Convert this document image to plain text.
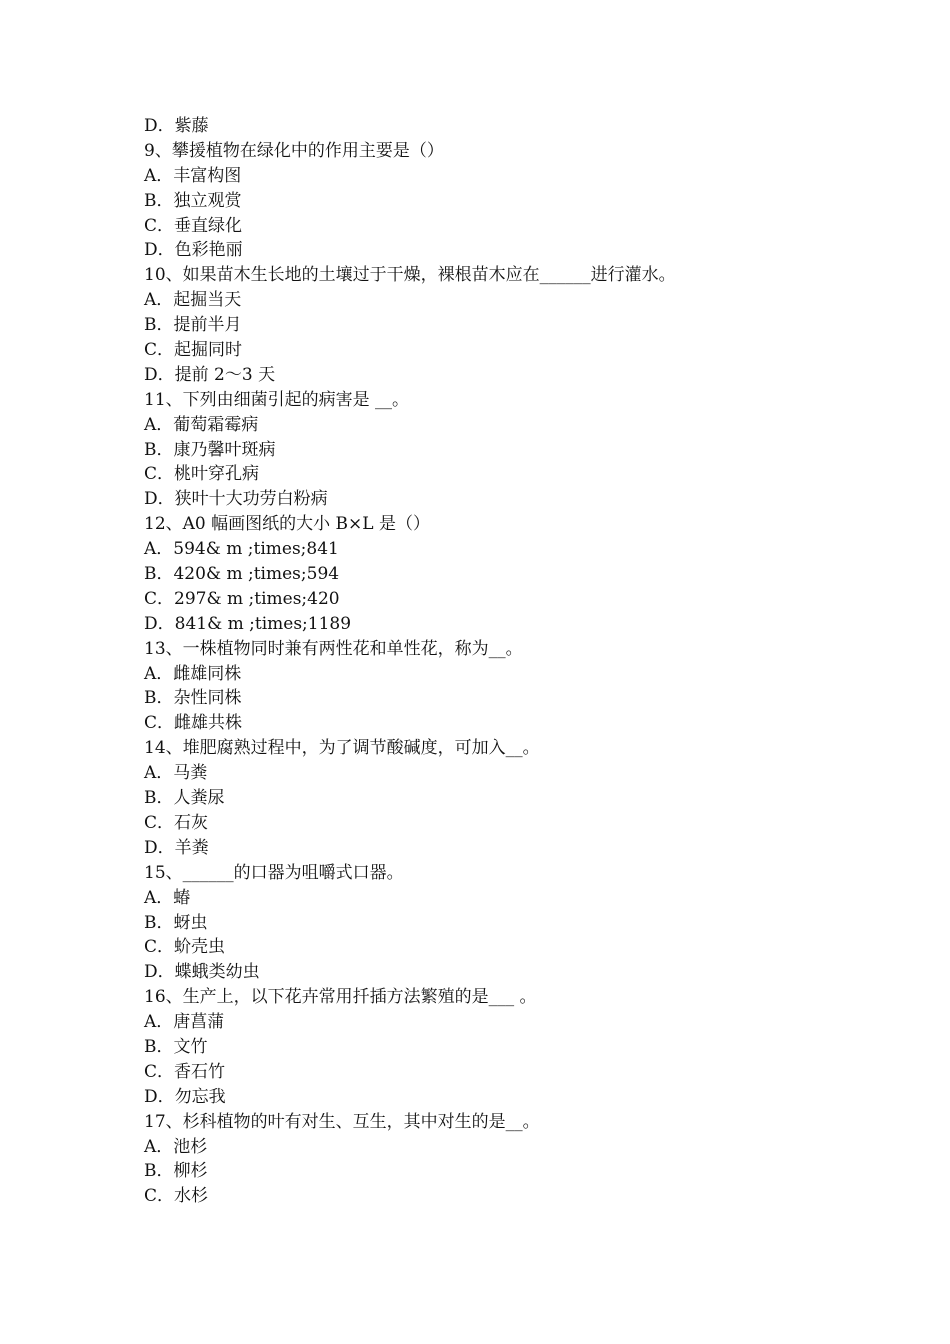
D．紫藤
9、攀援植物在绿化中的作用主要是（）
A．丰富构图
B．独立观赏
C．垂直绿化
D．色彩艳丽
10、如果苗木生长地的土壤过于干燥，裸根苗木应在______进行灌水。
A．起掘当天
B．提前半月
C．起掘同时
D．提前 2～3 天
11、下列由细菌引起的病害是 __。
A．葡萄霜霉病
B．康乃馨叶斑病
C．桃叶穿孔病
D．狭叶十大功劳白粉病
12、A0 幅画图纸的大小 B×L 是（）
A．594& m ;times;841
B．420& m ;times;594
C．297& m ;times;420
D．841& m ;times;1189
13、一株植物同时兼有两性花和单性花，称为__。
A．雌雄同株
B．杂性同株
C．雌雄共株
14、堆肥腐熟过程中，为了调节酸碱度，可加入__。
A．马粪
B．人粪尿
C．石灰
D．羊粪
15、______的口器为咀嚼式口器。
A．蝽
B．蚜虫
C．蚧壳虫
D．蝶蛾类幼虫
16、生产上，以下花卉常用扦插方法繁殖的是___ 。
A．唐菖蒲
B．文竹
C．香石竹
D．勿忘我
17、杉科植物的叶有对生、互生，其中对生的是__。
A．池杉
B．柳杉
C．水杉
